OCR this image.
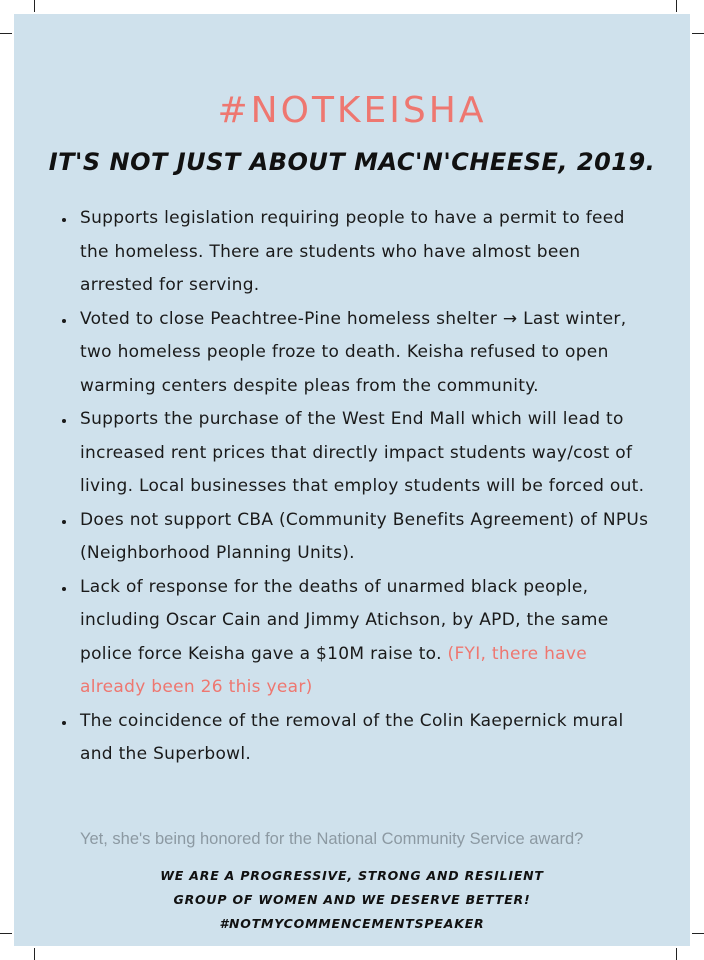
#NOTKEISHA
IT'S NOT JUST ABOUT MAC'N'CHEESE, 2019.
Supports legislation requiring people to have a permit to feed the homeless. There are students who have almost been arrested for serving.
Voted to close Peachtree-Pine homeless shelter → Last winter, two homeless people froze to death. Keisha refused to open warming centers despite pleas from the community.
Supports the purchase of the West End Mall which will lead to increased rent prices that directly impact students way/cost of living. Local businesses that employ students will be forced out.
Does not support CBA (Community Benefits Agreement) of NPUs (Neighborhood Planning Units).
Lack of response for the deaths of unarmed black people, including Oscar Cain and Jimmy Atichson, by APD, the same police force Keisha gave a $10M raise to. (FYI, there have already been 26 this year)
The coincidence of the removal of the Colin Kaepernick mural and the Superbowl.
Yet, she's being honored for the National Community Service award?
WE ARE A PROGRESSIVE, STRONG AND RESILIENT
GROUP OF WOMEN AND WE DESERVE BETTER!
#NOTMYCOMMENCEMENTSPEAKER
